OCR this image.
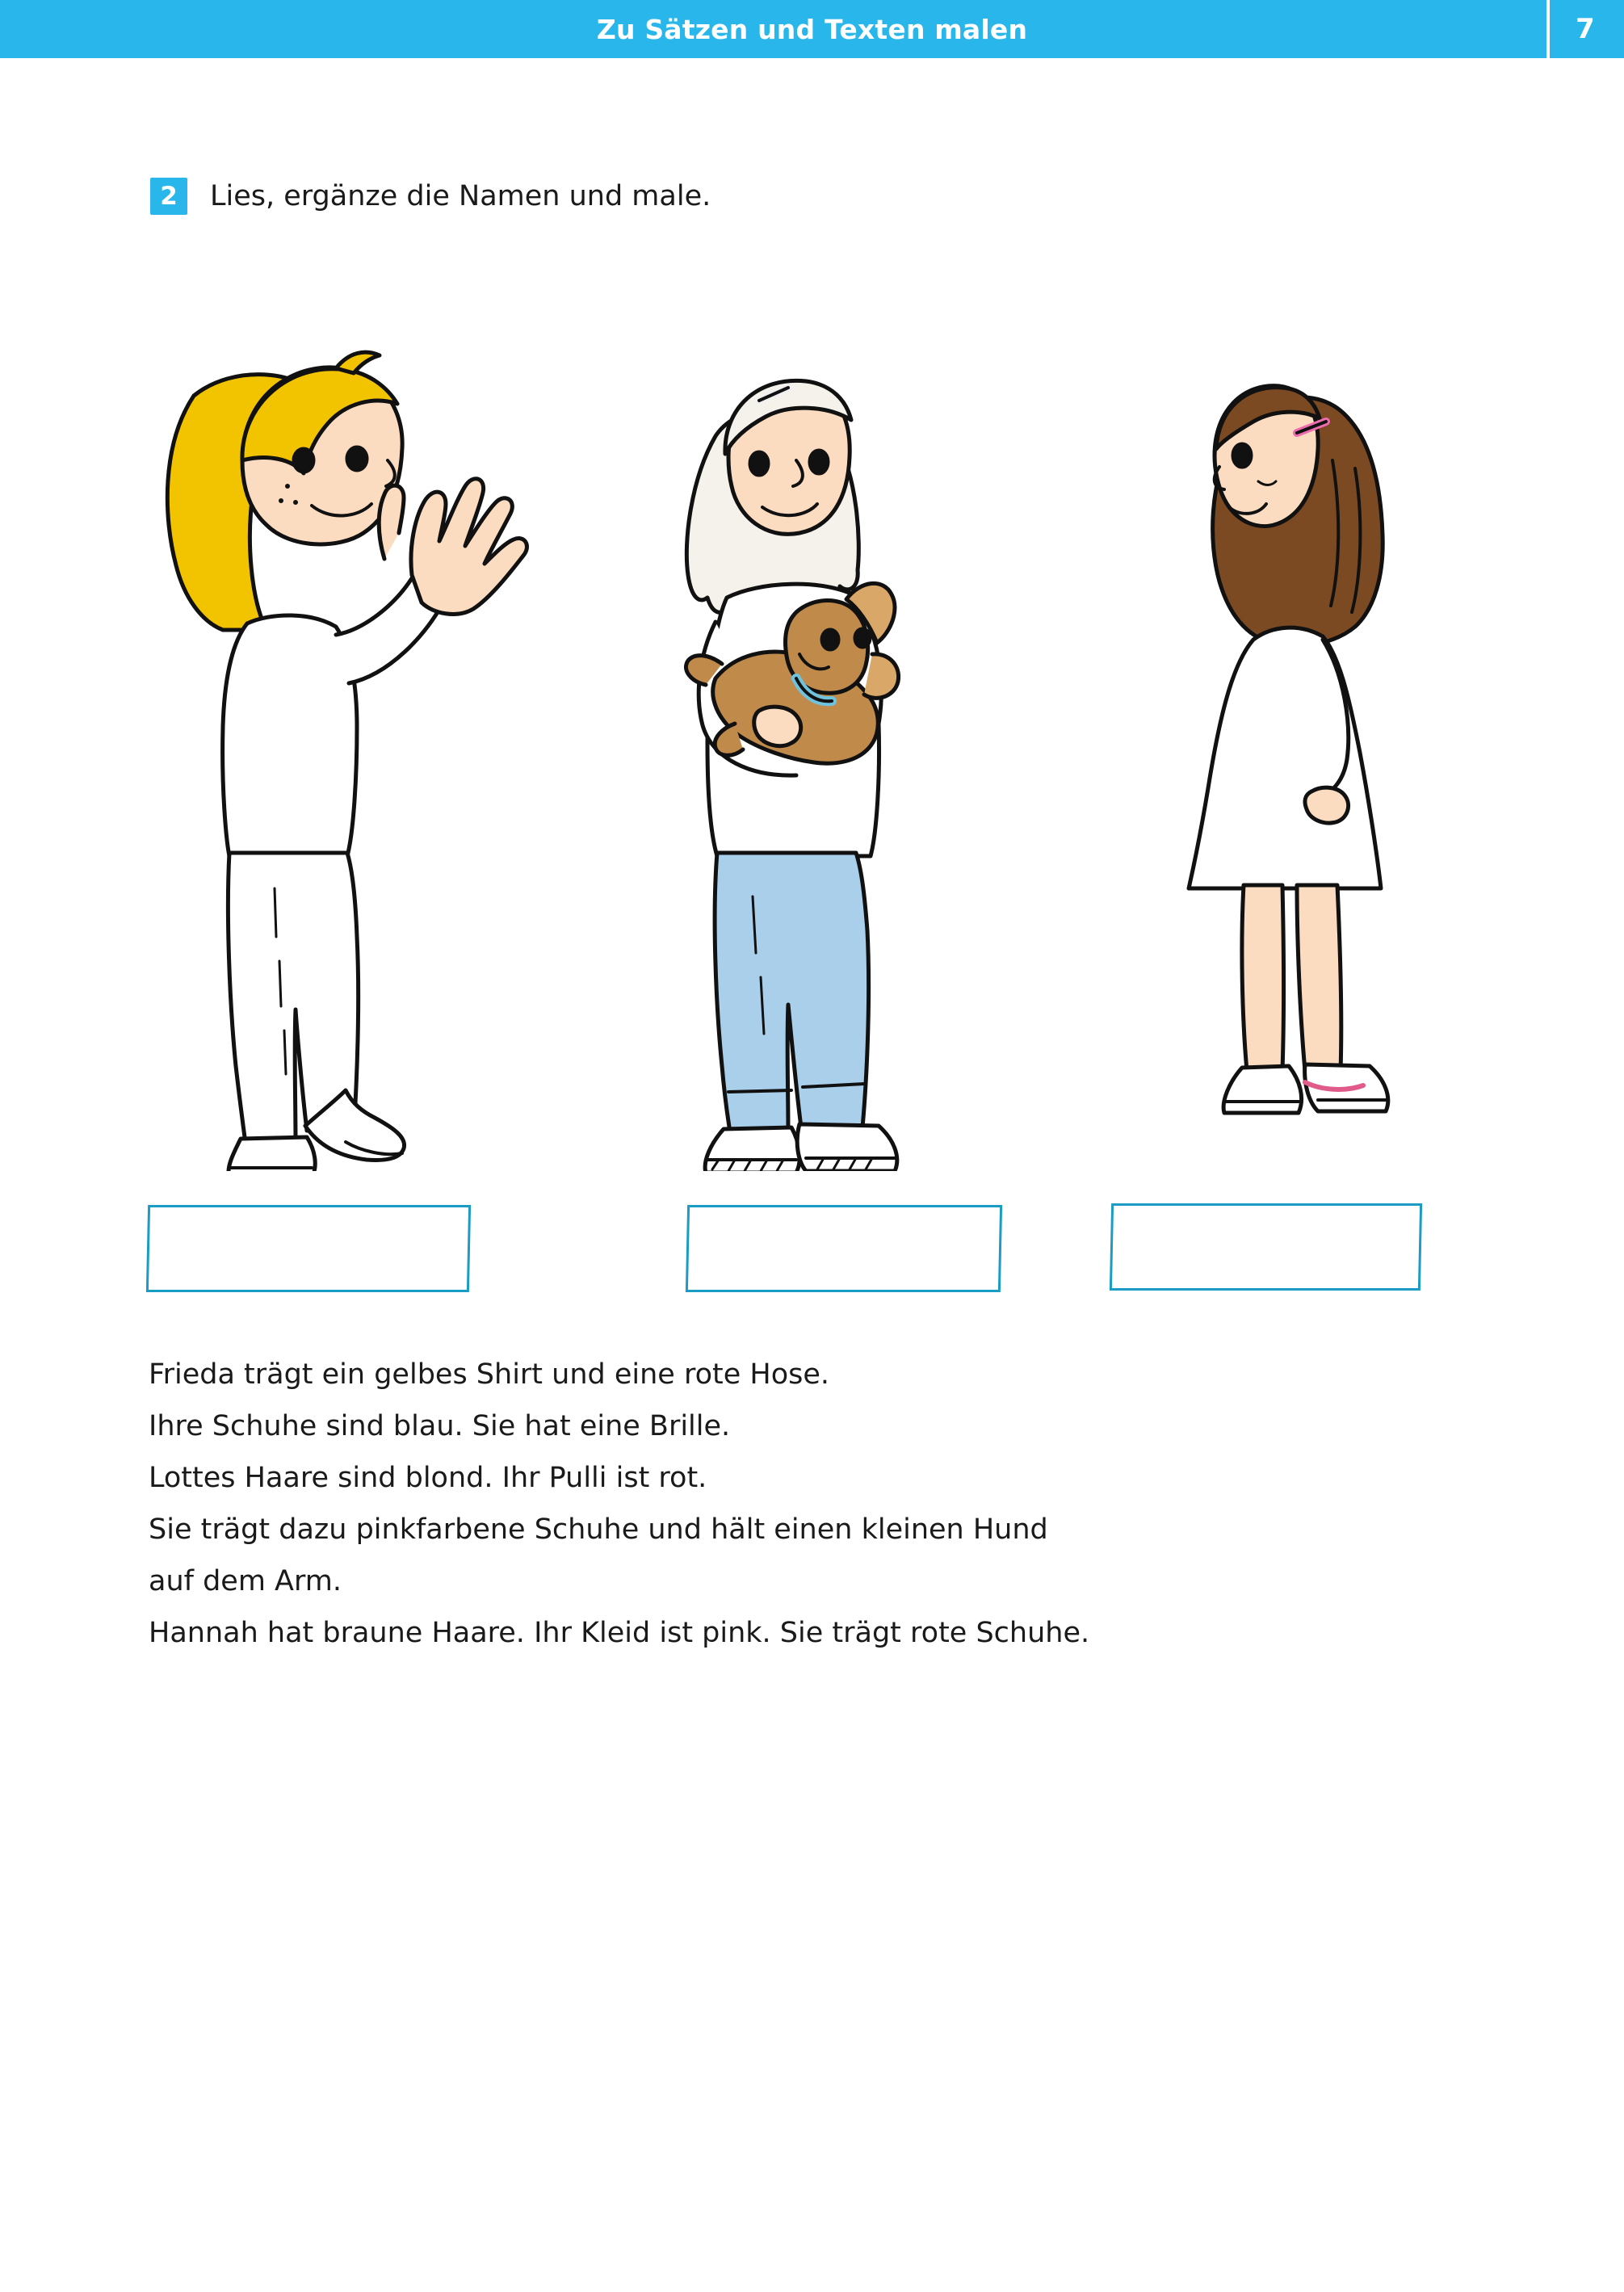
Zu Sätzen und Texten malen	7
2	Lies, ergänze die Namen und male.
Frieda trägt ein gelbes Shirt und eine rote Hose.
Ihre Schuhe sind blau. Sie hat eine Brille.
Lottes Haare sind blond. Ihr Pulli ist rot.
Sie trägt dazu pinkfarbene Schuhe und hält einen kleinen Hund
auf dem Arm.
Hannah hat braune Haare. Ihr Kleid ist pink. Sie trägt rote Schuhe.
